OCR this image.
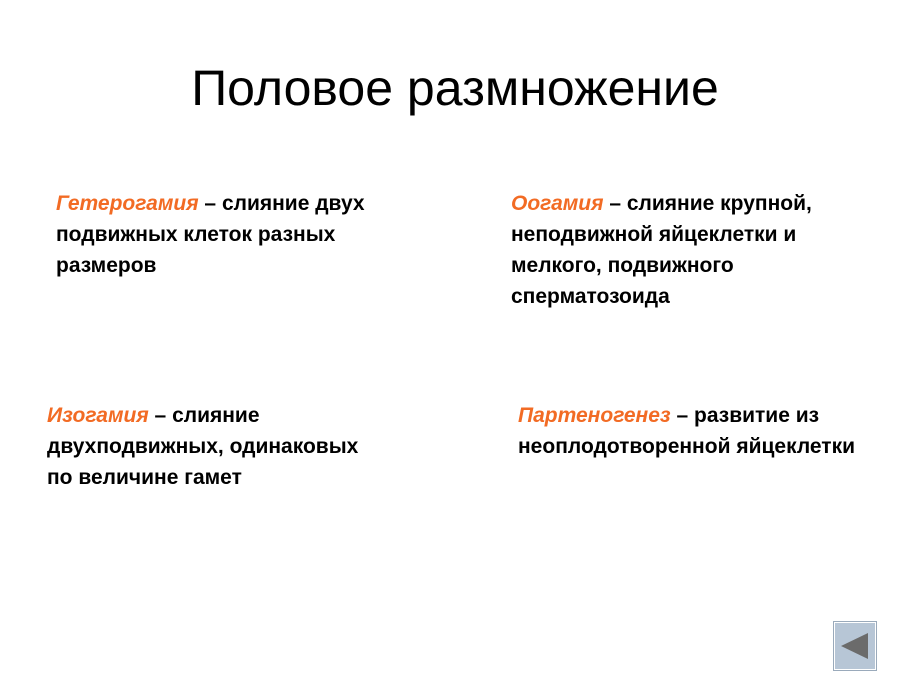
Половое размножение

Гетерогамия – слияние двух подвижных клеток разных размеров

Оогамия – слияние крупной, неподвижной яйцеклетки и мелкого, подвижного сперматозоида

Изогамия – слияние двухподвижных, одинаковых по величине гамет

Партеногенез – развитие из неоплодотворенной яйцеклетки
